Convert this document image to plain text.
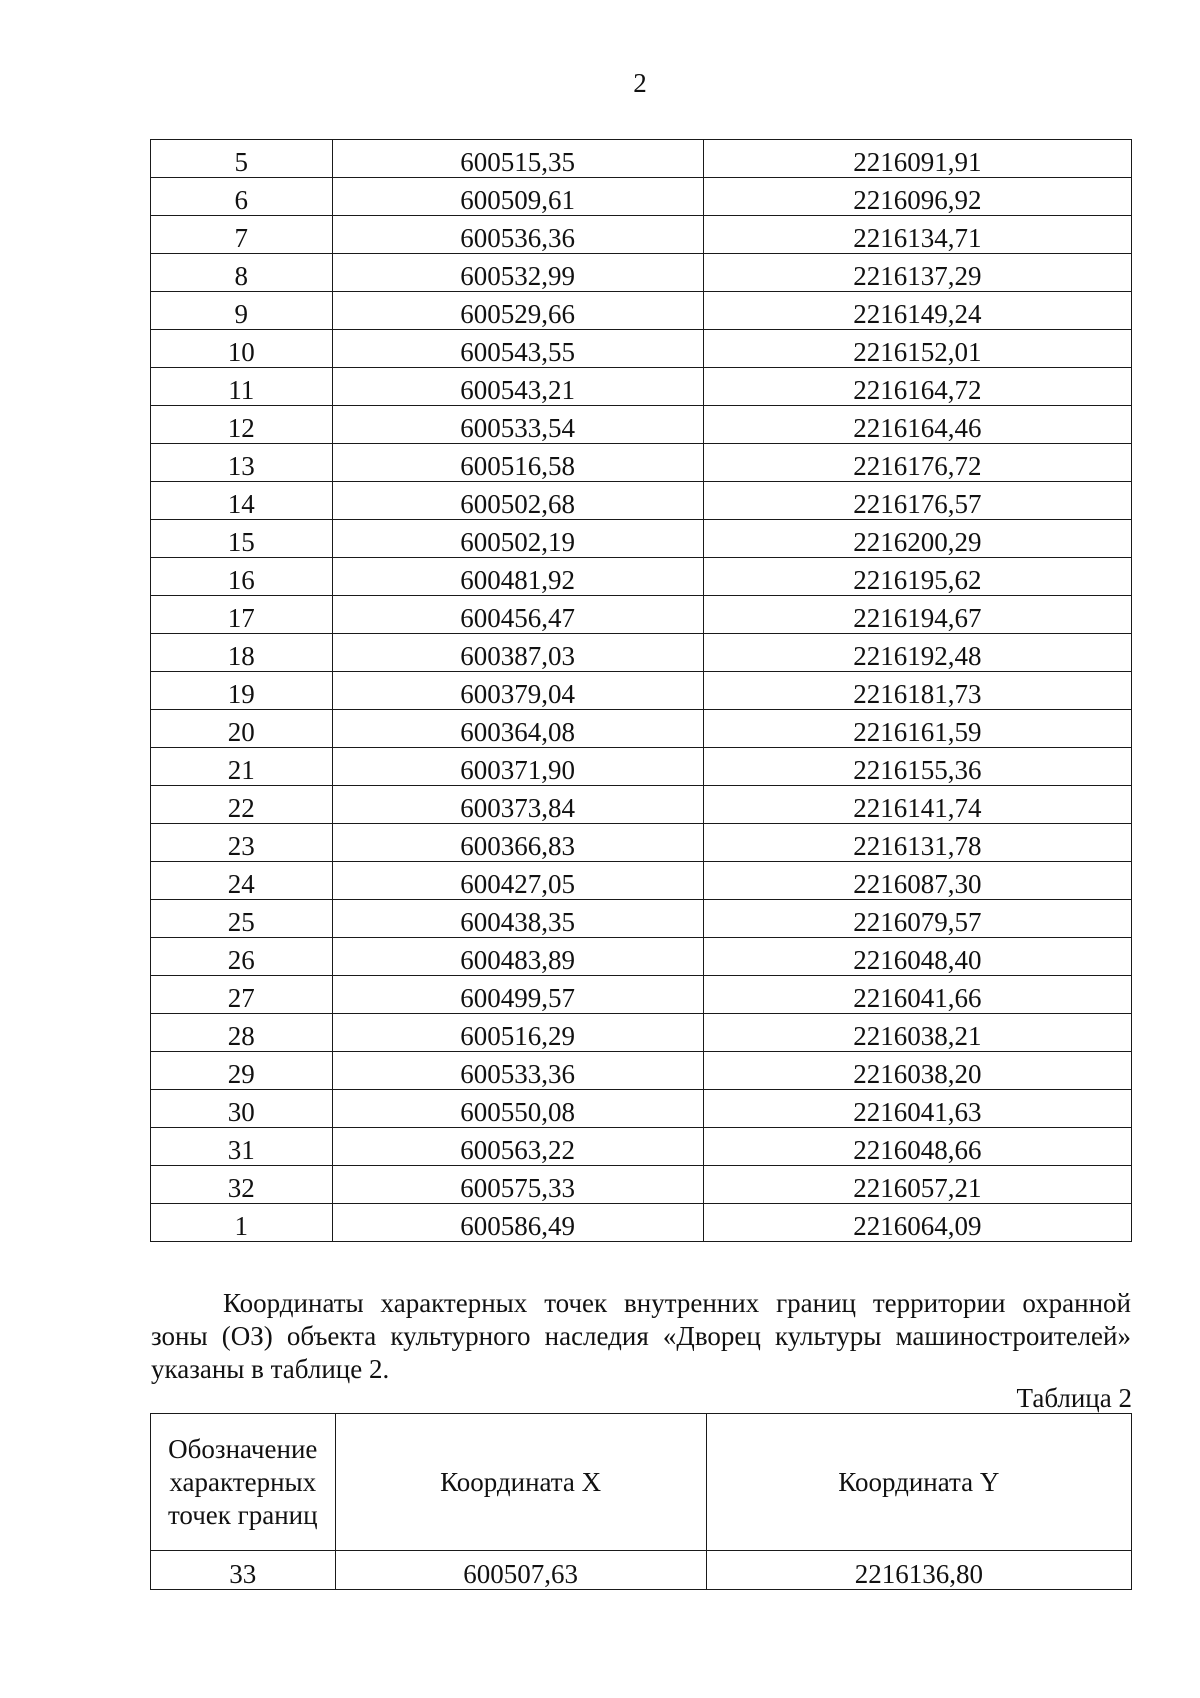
2
5	600515,35	2216091,91
6	600509,61	2216096,92
7	600536,36	2216134,71
8	600532,99	2216137,29
9	600529,66	2216149,24
10	600543,55	2216152,01
11	600543,21	2216164,72
12	600533,54	2216164,46
13	600516,58	2216176,72
14	600502,68	2216176,57
15	600502,19	2216200,29
16	600481,92	2216195,62
17	600456,47	2216194,67
18	600387,03	2216192,48
19	600379,04	2216181,73
20	600364,08	2216161,59
21	600371,90	2216155,36
22	600373,84	2216141,74
23	600366,83	2216131,78
24	600427,05	2216087,30
25	600438,35	2216079,57
26	600483,89	2216048,40
27	600499,57	2216041,66
28	600516,29	2216038,21
29	600533,36	2216038,20
30	600550,08	2216041,63
31	600563,22	2216048,66
32	600575,33	2216057,21
1	600586,49	2216064,09

Координаты характерных точек внутренних границ территории охранной зоны (ОЗ) объекта культурного наследия «Дворец культуры машиностроителей» указаны в таблице 2.

Таблица 2
Обозначение характерных точек границ	Координата X	Координата Y
33	600507,63	2216136,80
